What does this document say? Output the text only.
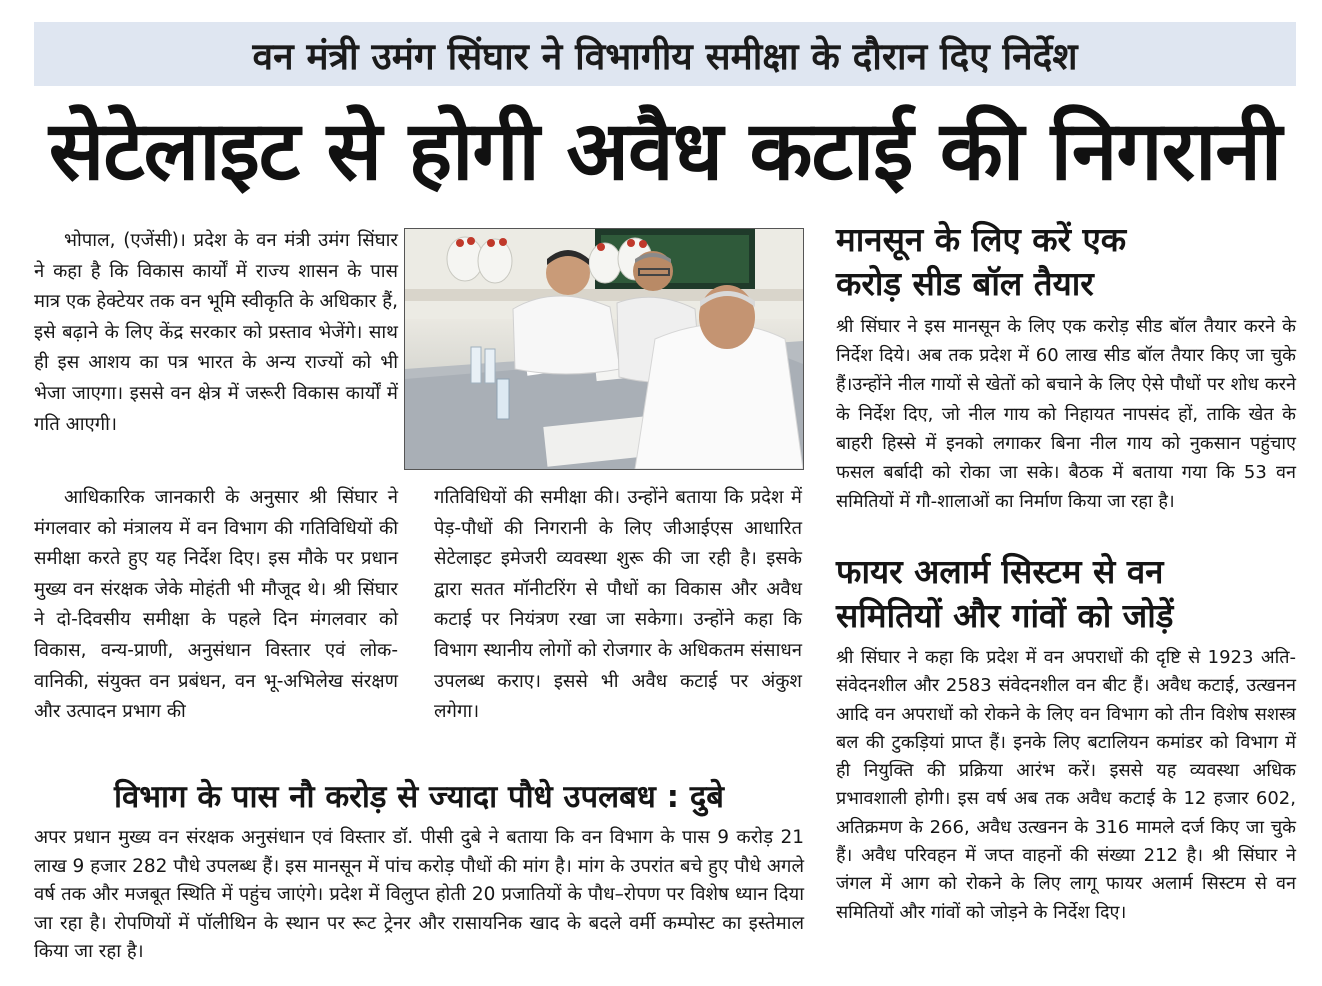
वन मंत्री उमंग सिंघार ने विभागीय समीक्षा के दौरान दिए निर्देश
सेटेलाइट से होगी अवैध कटाई की निगरानी

भोपाल, (एजेंसी)। प्रदेश के वन मंत्री उमंग सिंघार ने कहा है कि विकास कार्यों में राज्य शासन के पास मात्र एक हेक्टेयर तक वन भूमि स्वीकृति के अधिकार हैं, इसे बढ़ाने के लिए केंद्र सरकार को प्रस्ताव भेजेंगे। साथ ही इस आशय का पत्र भारत के अन्य राज्यों को भी भेजा जाएगा। इससे वन क्षेत्र में जरूरी विकास कार्यों में गति आएगी।

आधिकारिक जानकारी के अनुसार श्री सिंघार ने मंगलवार को मंत्रालय में वन विभाग की गतिविधियों की समीक्षा करते हुए यह निर्देश दिए। इस मौके पर प्रधान मुख्य वन संरक्षक जेके मोहंती भी मौजूद थे। श्री सिंघार ने दो-दिवसीय समीक्षा के पहले दिन मंगलवार को विकास, वन्य-प्राणी, अनुसंधान विस्तार एवं लोक-वानिकी, संयुक्त वन प्रबंधन, वन भू-अभिलेख संरक्षण और उत्पादन प्रभाग की

गतिविधियों की समीक्षा की। उन्होंने बताया कि प्रदेश में पेड़-पौधों की निगरानी के लिए जीआईएस आधारित सेटेलाइट इमेजरी व्यवस्था शुरू की जा रही है। इसके द्वारा सतत मॉनीटरिंग से पौधों का विकास और अवैध कटाई पर नियंत्रण रखा जा सकेगा। उन्होंने कहा कि विभाग स्थानीय लोगों को रोजगार के अधिकतम संसाधन उपलब्ध कराए। इससे भी अवैध कटाई पर अंकुश लगेगा।

विभाग के पास नौ करोड़ से ज्यादा पौधे उपलबध : दुबे

अपर प्रधान मुख्य वन संरक्षक अनुसंधान एवं विस्तार डॉ. पीसी दुबे ने बताया कि वन विभाग के पास 9 करोड़ 21 लाख 9 हजार 282 पौधे उपलब्ध हैं। इस मानसून में पांच करोड़ पौधों की मांग है। मांग के उपरांत बचे हुए पौधे अगले वर्ष तक और मजबूत स्थिति में पहुंच जाएंगे। प्रदेश में विलुप्त होती 20 प्रजातियों के पौध–रोपण पर विशेष ध्यान दिया जा रहा है। रोपणियों में पॉलीथिन के स्थान पर रूट ट्रेनर और रासायनिक खाद के बदले वर्मी कम्पोस्ट का इस्तेमाल किया जा रहा है।

मानसून के लिए करें एक
करोड़ सीड बॉल तैयार

श्री सिंघार ने इस मानसून के लिए एक करोड़ सीड बॉल तैयार करने के निर्देश दिये। अब तक प्रदेश में 60 लाख सीड बॉल तैयार किए जा चुके हैं।उन्होंने नील गायों से खेतों को बचाने के लिए ऐसे पौधों पर शोध करने के निर्देश दिए, जो नील गाय को निहायत नापसंद हों, ताकि खेत के बाहरी हिस्से में इनको लगाकर बिना नील गाय को नुकसान पहुंचाए फसल बर्बादी को रोका जा सके। बैठक में बताया गया कि 53 वन समितियों में गौ-शालाओं का निर्माण किया जा रहा है।

फायर अलार्म सिस्टम से वन
समितियों और गांवों को जोड़ें

श्री सिंघार ने कहा कि प्रदेश में वन अपराधों की दृष्टि से 1923 अति-संवेदनशील और 2583 संवेदनशील वन बीट हैं। अवैध कटाई, उत्खनन आदि वन अपराधों को रोकने के लिए वन विभाग को तीन विशेष सशस्त्र बल की टुकड़ियां प्राप्त हैं। इनके लिए बटालियन कमांडर को विभाग में ही नियुक्ति की प्रक्रिया आरंभ करें। इससे यह व्यवस्था अधिक प्रभावशाली होगी। इस वर्ष अब तक अवैध कटाई के 12 हजार 602, अतिक्रमण के 266, अवैध उत्खनन के 316 मामले दर्ज किए जा चुके हैं। अवैध परिवहन में जप्त वाहनों की संख्या 212 है। श्री सिंघार ने जंगल में आग को रोकने के लिए लागू फायर अलार्म सिस्टम से वन समितियों और गांवों को जोड़ने के निर्देश दिए।
